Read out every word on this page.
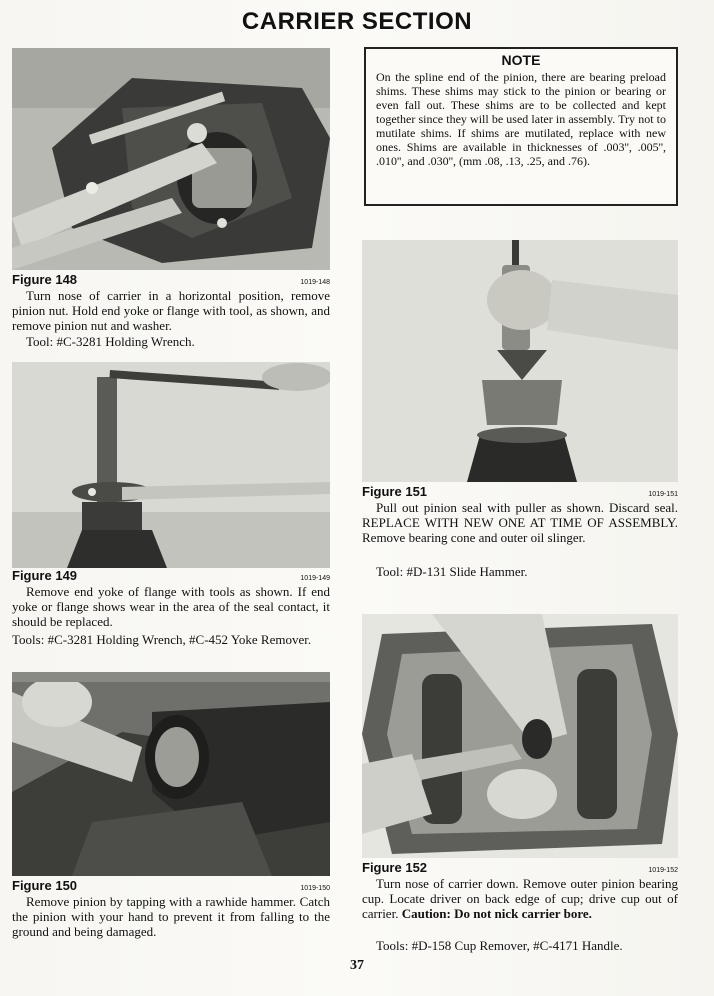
CARRIER SECTION
Figure 148	1019-148

Turn nose of carrier in a horizontal position, remove pinion nut. Hold end yoke or flange with tool, as shown, and remove pinion nut and washer.

Tool: #C-3281 Holding Wrench.

Figure 149	1019-149

Remove end yoke of flange with tools as shown. If end yoke or flange shows wear in the area of the seal contact, it should be replaced.

Tools: #C-3281 Holding Wrench, #C-452 Yoke Remover.

Figure 150	1019-150

Remove pinion by tapping with a rawhide hammer. Catch the pinion with your hand to prevent it from falling to the ground and being damaged.

NOTE

On the spline end of the pinion, there are bearing preload shims. These shims may stick to the pinion or bearing or even fall out. These shims are to be collected and kept together since they will be used later in assembly. Try not to mutilate shims. If shims are mutilated, replace with new ones. Shims are available in thicknesses of .003'', .005'', .010'', and .030'', (mm .08, .13, .25, and .76).

Figure 151	1019-151

Pull out pinion seal with puller as shown. Discard seal. REPLACE WITH NEW ONE AT TIME OF ASSEMBLY. Remove bearing cone and outer oil slinger.

Tool: #D-131 Slide Hammer.

Figure 152	1019-152

Turn nose of carrier down. Remove outer pinion bearing cup. Locate driver on back edge of cup; drive cup out of carrier. Caution: Do not nick carrier bore.

Tools: #D-158 Cup Remover, #C-4171 Handle.

37
